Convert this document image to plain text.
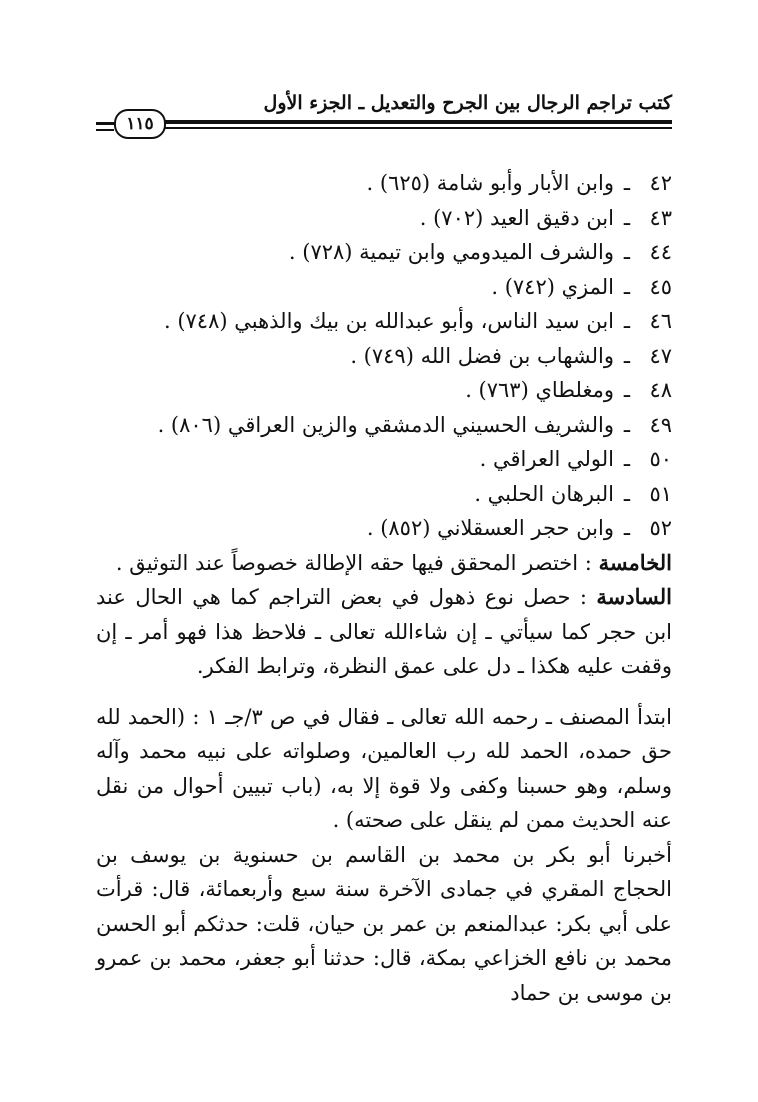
كتب تراجم الرجال بين الجرح والتعديل ـ الجزء الأول
١١٥
٤٢ـوابن الأبار وأبو شامة (٦٢٥) .
٤٣ـابن دقيق العيد (٧٠٢) .
٤٤ـوالشرف الميدومي وابن تيمية (٧٢٨) .
٤٥ـالمزي (٧٤٢) .
٤٦ـابن سيد الناس، وأبو عبدالله بن بيك والذهبي (٧٤٨) .
٤٧ـوالشهاب بن فضل الله (٧٤٩) .
٤٨ـومغلطاي (٧٦٣) .
٤٩ـوالشريف الحسيني الدمشقي والزين العراقي (٨٠٦) .
٥٠ـالولي العراقي .
٥١ـالبرهان الحلبي .
٥٢ـوابن حجر العسقلاني (٨٥٢) .

الخامسة : اختصر المحقق فيها حقه الإطالة خصوصاً عند التوثيق .

السادسة : حصل نوع ذهول في بعض التراجم كما هي الحال عند ابن حجر كما سيأتي ـ إن شاءالله تعالى ـ فلاحظ هذا فهو أمر ـ إن وقفت عليه هكذا ـ دل على عمق النظرة، وترابط الفكر.

ابتدأ المصنف ـ رحمه الله تعالى ـ فقال في ص ٣/جـ ١ : (الحمد لله حق حمده، الحمد لله رب العالمين، وصلواته على نبيه محمد وآله وسلم، وهو حسبنا وكفى ولا قوة إلا به، (باب تبيين أحوال من نقل عنه الحديث ممن لم ينقل على صحته) .

أخبرنا أبو بكر بن محمد بن القاسم بن حسنوية بن يوسف بن الحجاج المقري في جمادى الآخرة سنة سبع وأربعمائة، قال: قرأت على أبي بكر: عبدالمنعم بن عمر بن حيان، قلت: حدثكم أبو الحسن محمد بن نافع الخزاعي بمكة، قال: حدثنا أبو جعفر، محمد بن عمرو بن موسى بن حماد
